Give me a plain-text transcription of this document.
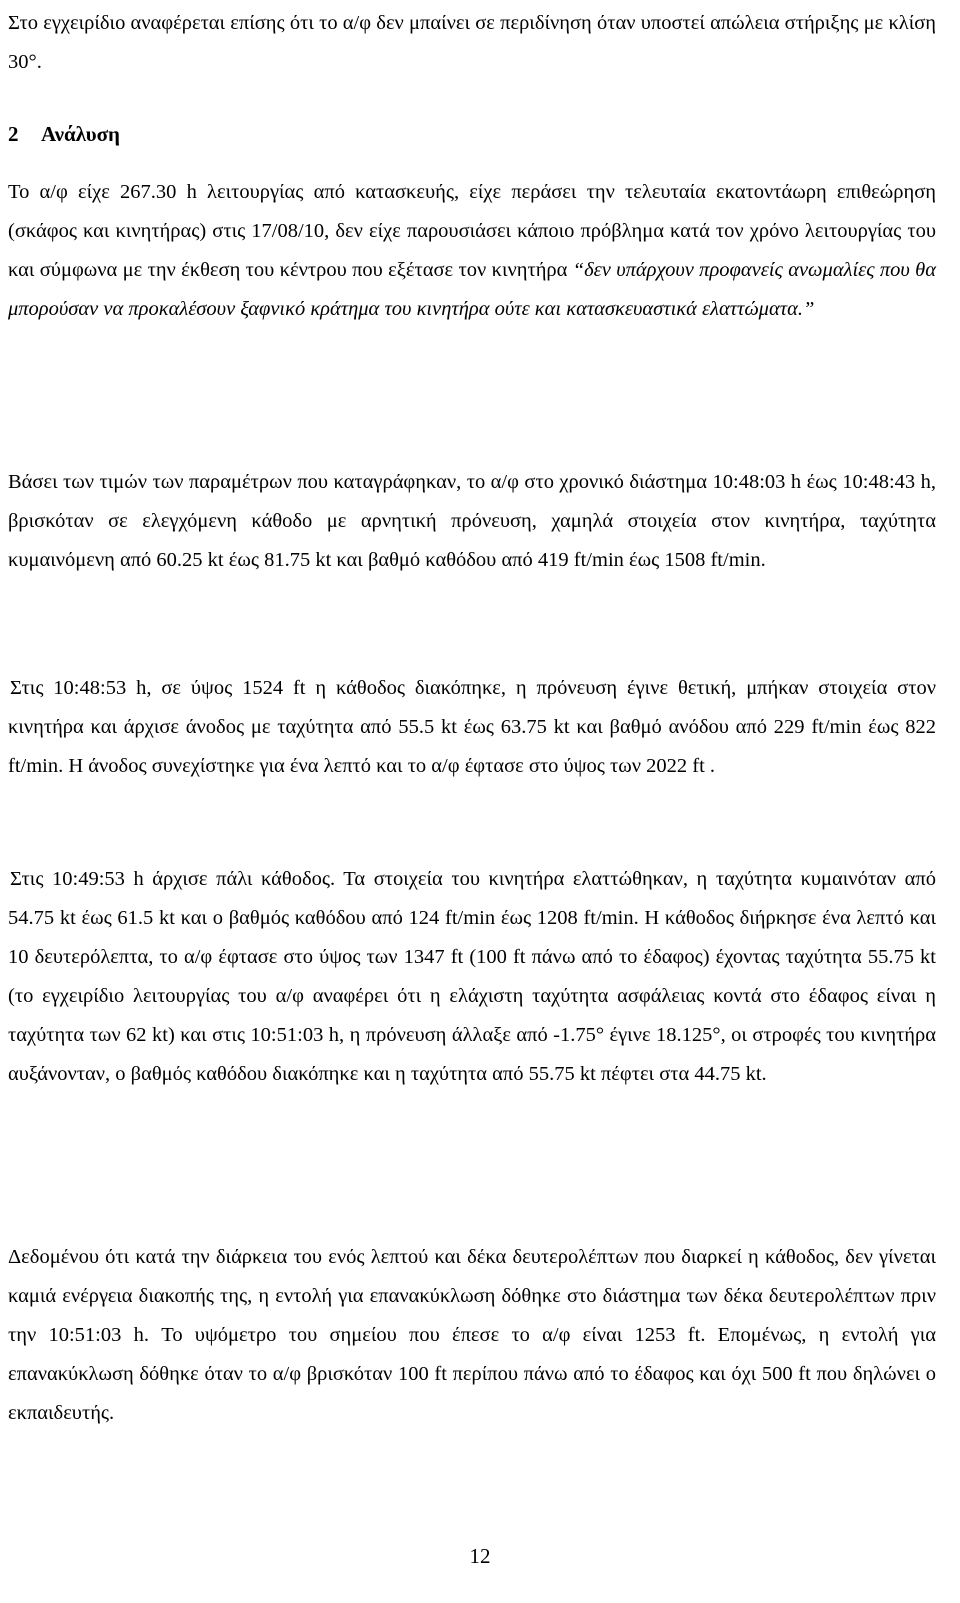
Στο εγχειρίδιο αναφέρεται επίσης ότι το α/φ δεν μπαίνει σε περιδίνηση όταν υποστεί απώλεια στήριξης με κλίση 30°.

2 Ανάλυση

Το α/φ είχε 267.30 h λειτουργίας από κατασκευής, είχε περάσει την τελευταία εκατοντάωρη επιθεώρηση (σκάφος και κινητήρας) στις 17/08/10, δεν είχε παρουσιάσει κάποιο πρόβλημα κατά τον χρόνο λειτουργίας του και σύμφωνα με την έκθεση του κέντρου που εξέτασε τον κινητήρα “δεν υπάρχουν προφανείς ανωμαλίες που θα μπορούσαν να προκαλέσουν ξαφνικό κράτημα του κινητήρα ούτε και κατασκευαστικά ελαττώματα.”

Βάσει των τιμών των παραμέτρων που καταγράφηκαν, το α/φ στο χρονικό διάστημα 10:48:03 h έως 10:48:43 h, βρισκόταν σε ελεγχόμενη κάθοδο με αρνητική πρόνευση, χαμηλά στοιχεία στον κινητήρα, ταχύτητα κυμαινόμενη από 60.25 kt έως 81.75 kt και βαθμό καθόδου από 419 ft/min έως 1508 ft/min.

Στις 10:48:53 h, σε ύψος 1524 ft η κάθοδος διακόπηκε, η πρόνευση έγινε θετική, μπήκαν στοιχεία στον κινητήρα και άρχισε άνοδος με ταχύτητα από 55.5 kt έως 63.75 kt και βαθμό ανόδου από 229 ft/min έως 822 ft/min. Η άνοδος συνεχίστηκε για ένα λεπτό και το α/φ έφτασε στο ύψος των 2022 ft .

Στις 10:49:53 h άρχισε πάλι κάθοδος. Τα στοιχεία του κινητήρα ελαττώθηκαν, η ταχύτητα κυμαινόταν από 54.75 kt έως 61.5 kt και ο βαθμός καθόδου από 124 ft/min έως 1208 ft/min. Η κάθοδος διήρκησε ένα λεπτό και 10 δευτερόλεπτα, το α/φ έφτασε στο ύψος των 1347 ft (100 ft πάνω από το έδαφος) έχοντας ταχύτητα 55.75 kt (το εγχειρίδιο λειτουργίας του α/φ αναφέρει ότι η ελάχιστη ταχύτητα ασφάλειας κοντά στο έδαφος είναι η ταχύτητα των 62 kt) και στις 10:51:03 h, η πρόνευση άλλαξε από -1.75° έγινε 18.125°, οι στροφές του κινητήρα αυξάνονταν, ο βαθμός καθόδου διακόπηκε και η ταχύτητα από 55.75 kt πέφτει στα 44.75 kt.

Δεδομένου ότι κατά την διάρκεια του ενός λεπτού και δέκα δευτερολέπτων που διαρκεί η κάθοδος, δεν γίνεται καμιά ενέργεια διακοπής της, η εντολή για επανακύκλωση δόθηκε στο διάστημα των δέκα δευτερολέπτων πριν την 10:51:03 h. Το υψόμετρο του σημείου που έπεσε το α/φ είναι 1253 ft. Επομένως, η εντολή για επανακύκλωση δόθηκε όταν το α/φ βρισκόταν 100 ft περίπου πάνω από το έδαφος και όχι 500 ft που δηλώνει ο εκπαιδευτής.

12
